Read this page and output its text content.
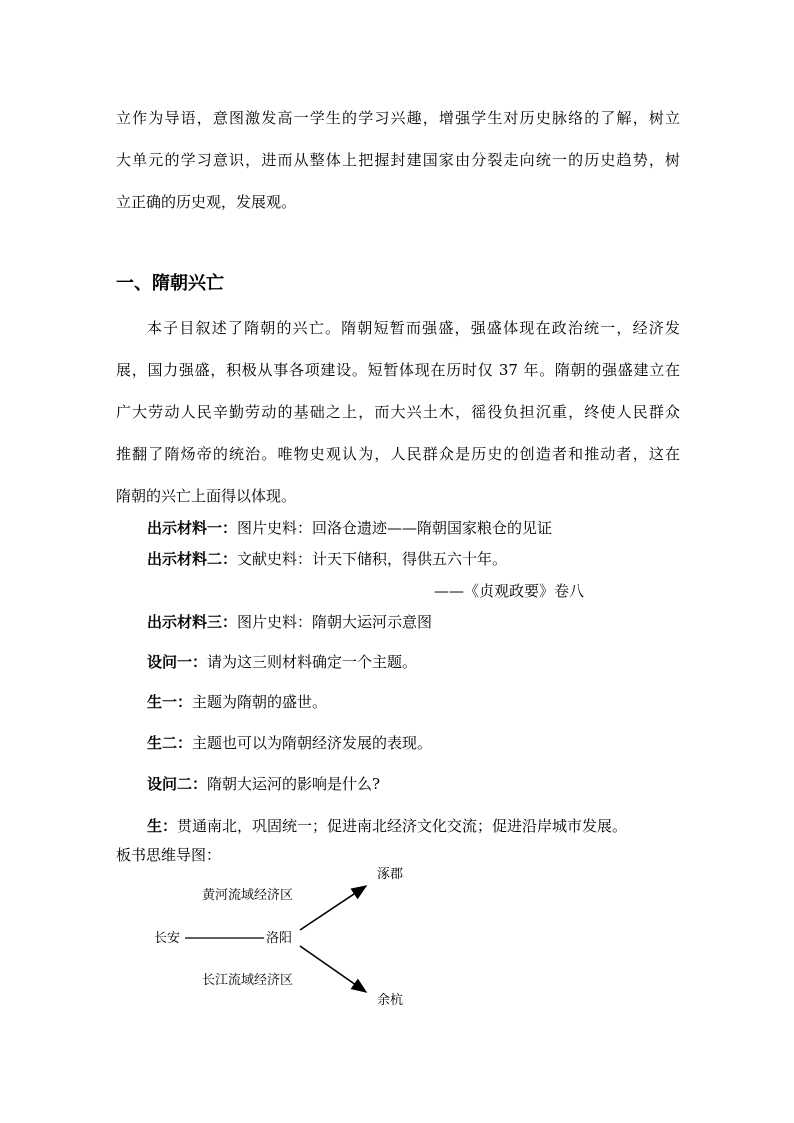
立作为导语，意图激发高一学生的学习兴趣，增强学生对历史脉络的了解，树立
大单元的学习意识，进而从整体上把握封建国家由分裂走向统一的历史趋势，树
立正确的历史观，发展观。
一、隋朝兴亡
本子目叙述了隋朝的兴亡。隋朝短暂而强盛，强盛体现在政治统一，经济发
展，国力强盛，积极从事各项建设。短暂体现在历时仅 37 年。隋朝的强盛建立在
广大劳动人民辛勤劳动的基础之上，而大兴土木，徭役负担沉重，终使人民群众
推翻了隋炀帝的统治。唯物史观认为，人民群众是历史的创造者和推动者，这在
隋朝的兴亡上面得以体现。
出示材料一：图片史料：回洛仓遗迹——隋朝国家粮仓的见证
出示材料二：文献史料：计天下储积，得供五六十年。
——《贞观政要》卷八
出示材料三：图片史料：隋朝大运河示意图
设问一：请为这三则材料确定一个主题。
生一：主题为隋朝的盛世。
生二：主题也可以为隋朝经济发展的表现。
设问二：隋朝大运河的影响是什么?
生：贯通南北，巩固统一；促进南北经济文化交流；促进沿岸城市发展。
板书思维导图：
涿郡
黄河流域经济区
长安	洛阳
长江流域经济区
余杭
